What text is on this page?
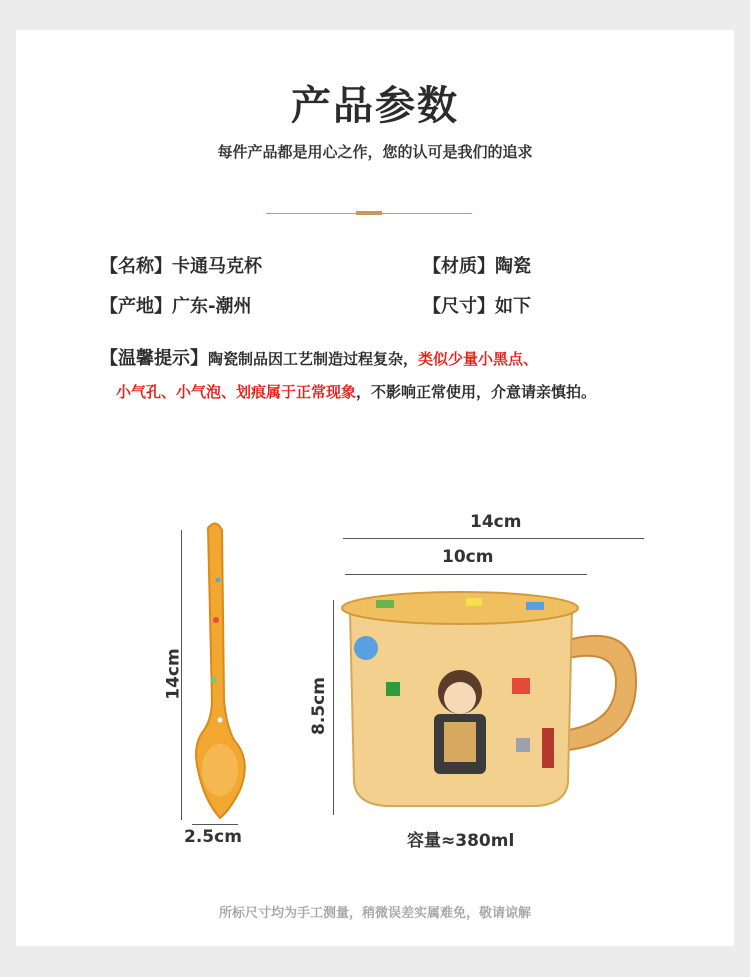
产品参数
每件产品都是用心之作，您的认可是我们的追求
【名称】卡通马克杯	【材质】陶瓷
【产地】广东-潮州	【尺寸】如下
【温馨提示】陶瓷制品因工艺制造过程复杂，类似少量小黑点、
小气孔、小气泡、划痕属于正常现象，不影响正常使用，介意请亲慎拍。
14cm
2.5cm
14cm
10cm
8.5cm
容量≈380ml
所标尺寸均为手工测量，稍微误差实属难免，敬请谅解
